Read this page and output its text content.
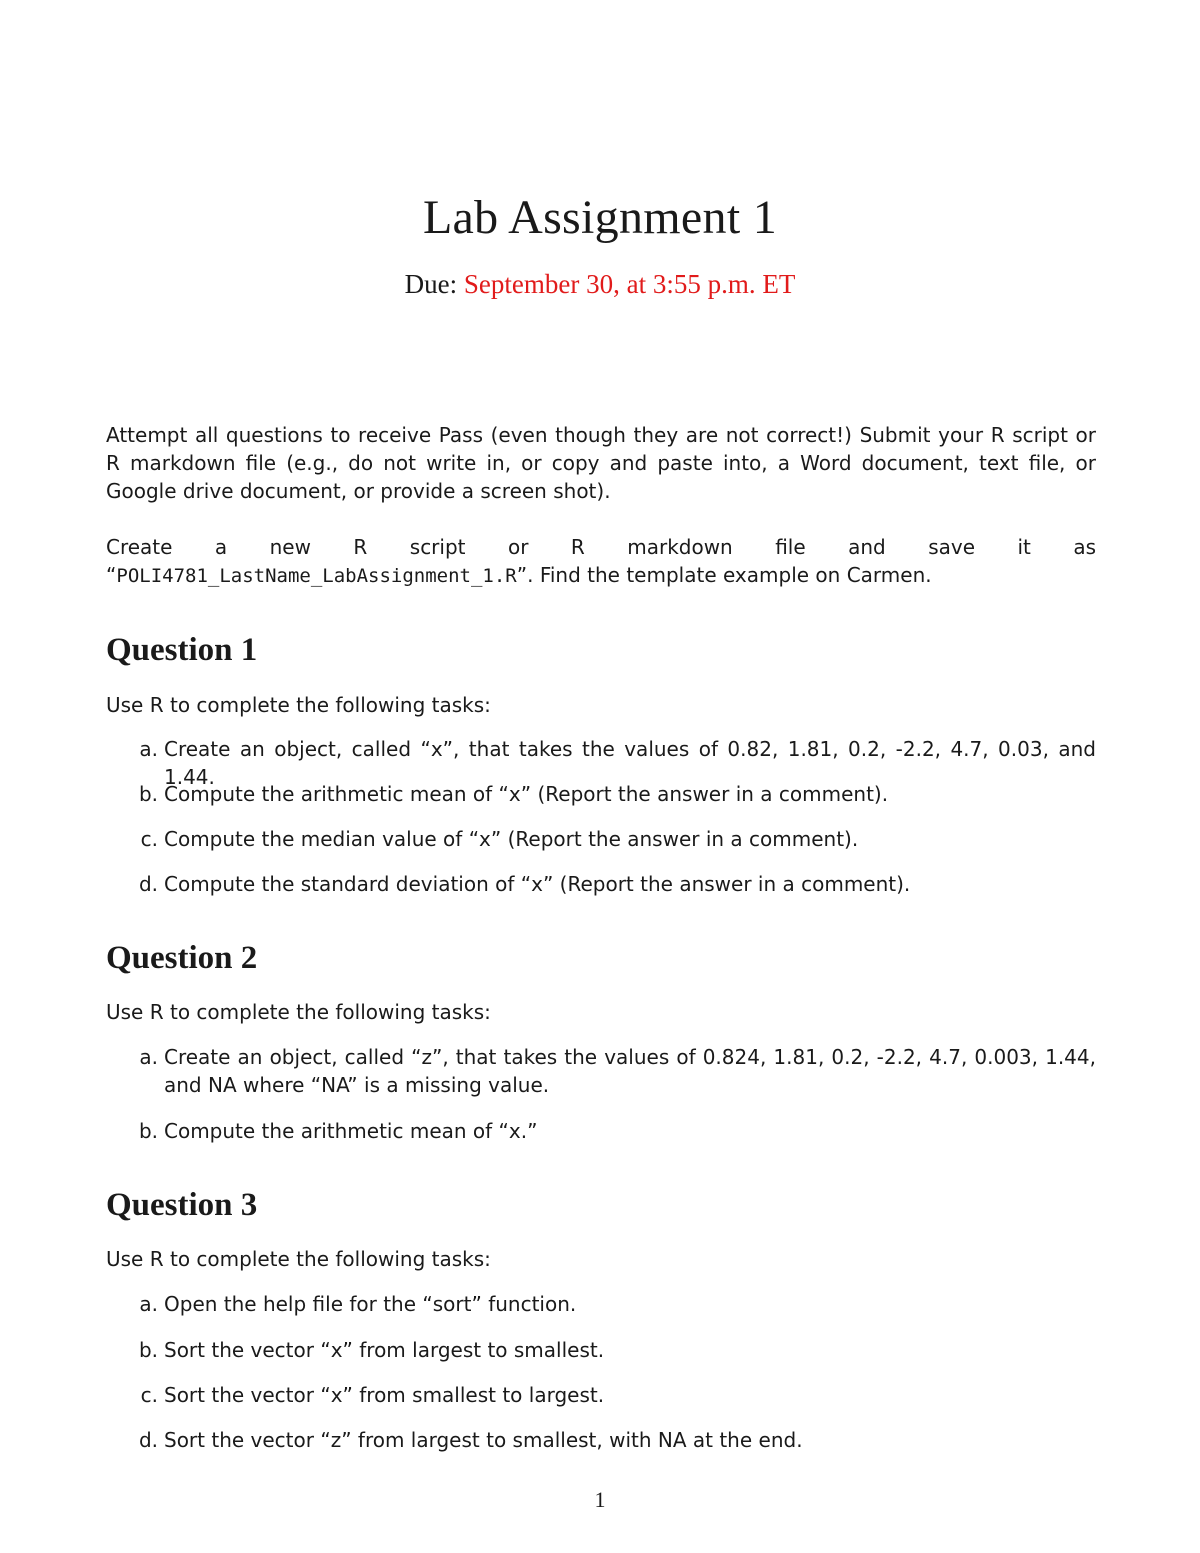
Lab Assignment 1
Due: September 30, at 3:55 p.m. ET

Attempt all questions to receive Pass (even though they are not correct!) Submit your R script or R markdown file (e.g., do not write in, or copy and paste into, a Word document, text file, or Google drive document, or provide a screen shot).

Create a new R script or R markdown file and save it as “POLI4781_LastName_LabAssignment_1.R”. Find the template example on Carmen.

Question 1
Use R to complete the following tasks:
a. Create an object, called “x”, that takes the values of 0.82, 1.81, 0.2, -2.2, 4.7, 0.03, and 1.44.
b. Compute the arithmetic mean of “x” (Report the answer in a comment).
c. Compute the median value of “x” (Report the answer in a comment).
d. Compute the standard deviation of “x” (Report the answer in a comment).
Question 2
Use R to complete the following tasks:
a. Create an object, called “z”, that takes the values of 0.824, 1.81, 0.2, -2.2, 4.7, 0.003, 1.44, and NA where “NA” is a missing value.
b. Compute the arithmetic mean of “x.”
Question 3
Use R to complete the following tasks:
a. Open the help file for the “sort” function.
b. Sort the vector “x” from largest to smallest.
c. Sort the vector “x” from smallest to largest.
d. Sort the vector “z” from largest to smallest, with NA at the end.
1
